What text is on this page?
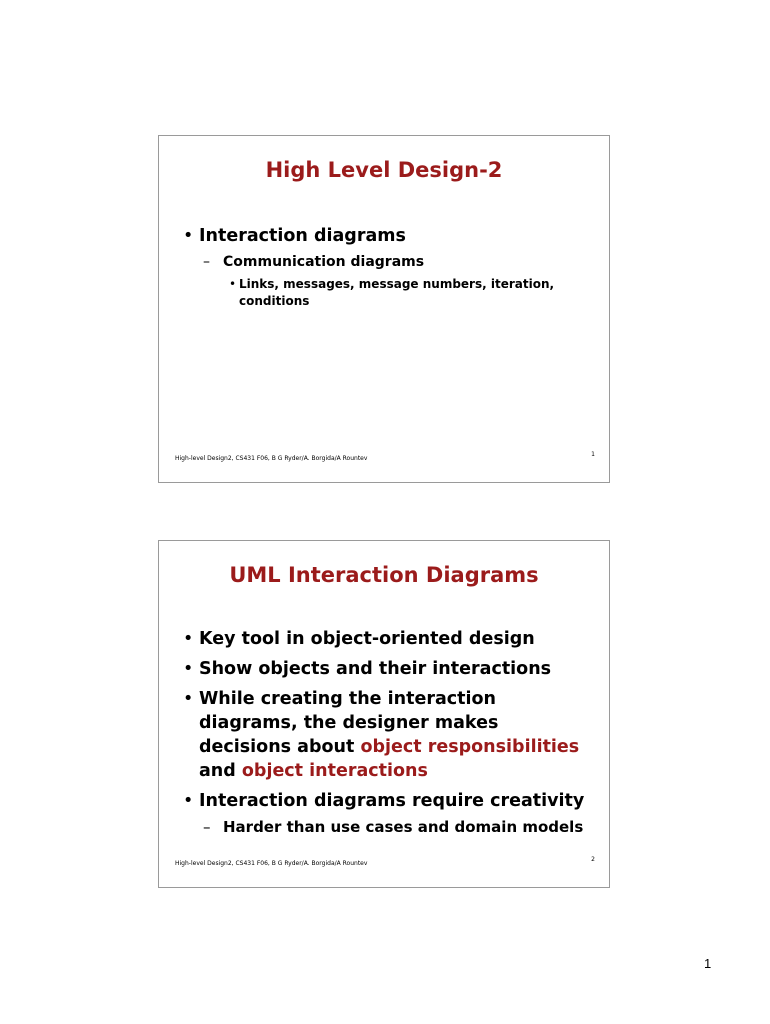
High Level Design-2
• Interaction diagrams
– Communication diagrams
• Links, messages, message numbers, iteration, conditions
High-level Design2, CS431 F06, B G Ryder/A. Borgida/A Rountev
1
UML Interaction Diagrams
• Key tool in object-oriented design
• Show objects and their interactions
• While creating the interaction diagrams, the designer makes decisions about object responsibilities and object interactions
• Interaction diagrams require creativity
– Harder than use cases and domain models
High-level Design2, CS431 F06, B G Ryder/A. Borgida/A Rountev
2
1
